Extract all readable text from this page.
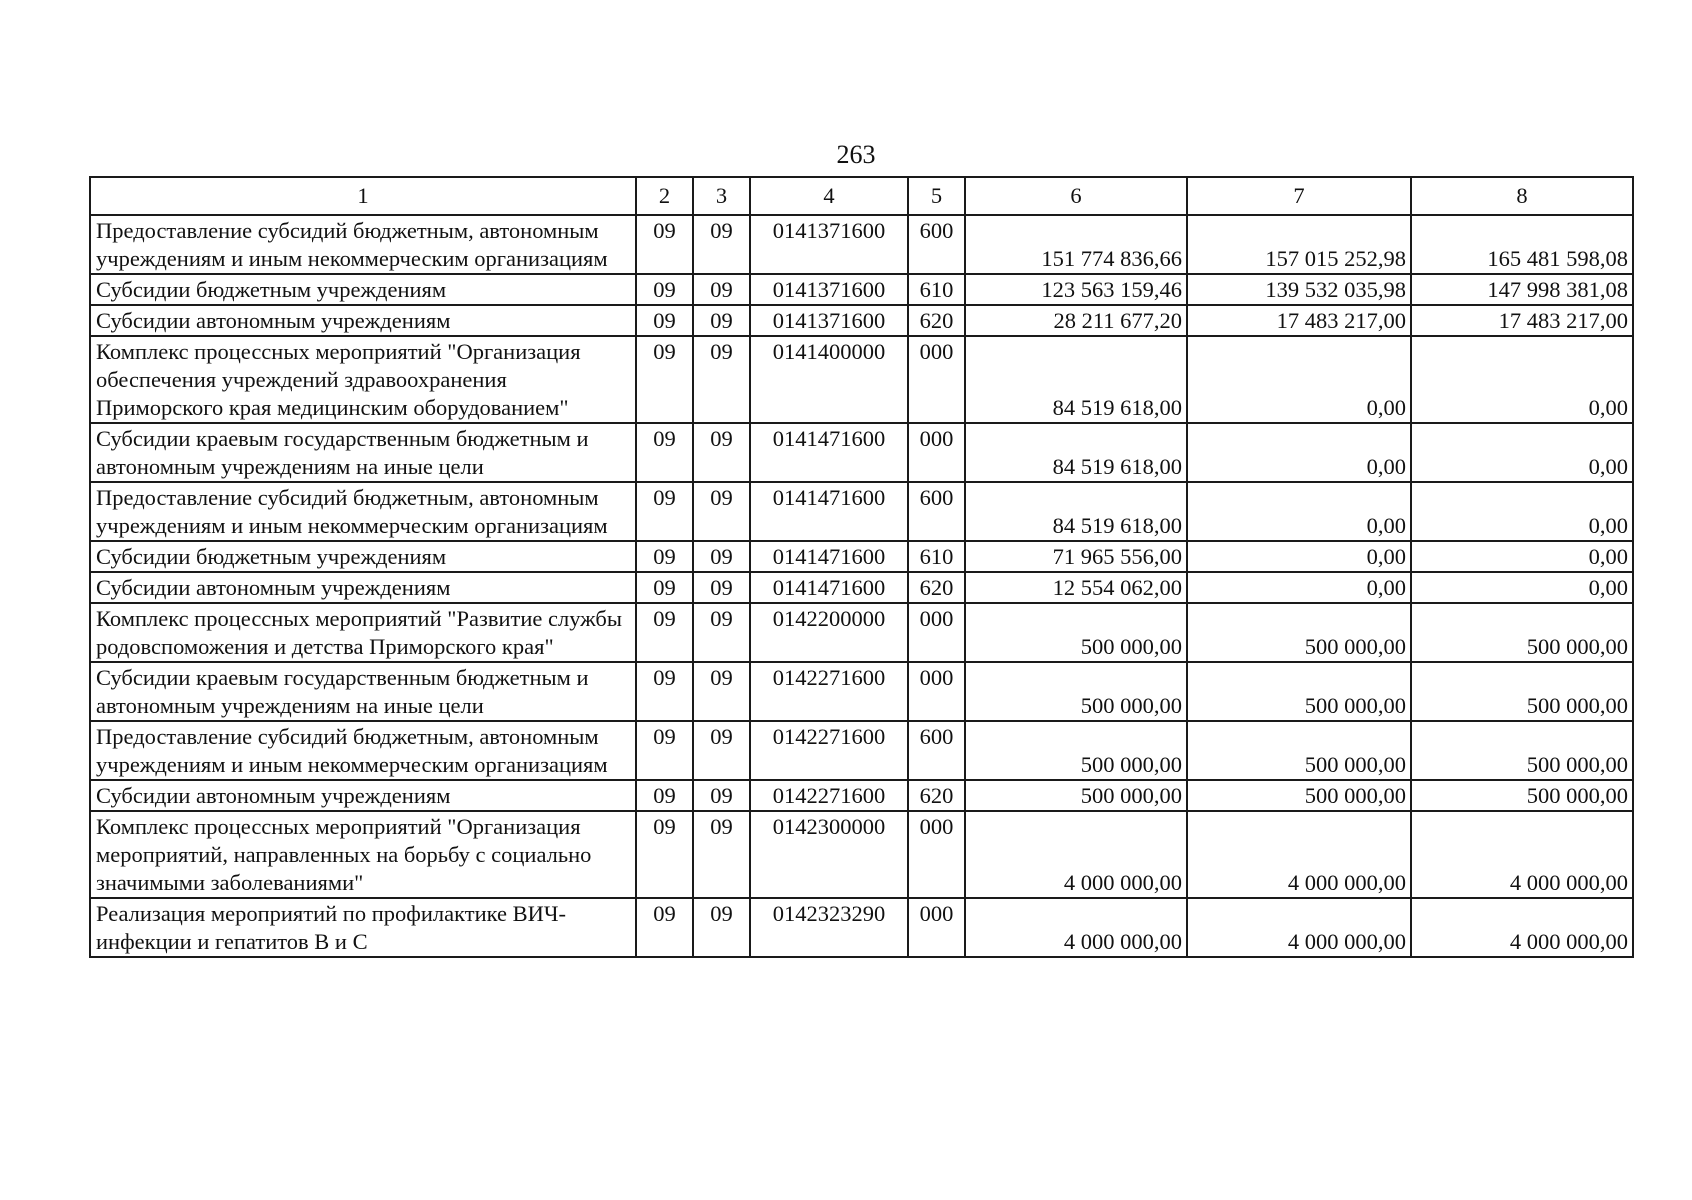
263
1	2	3	4	5	6	7	8
Предоставление субсидий бюджетным, автономным учреждениям и иным некоммерческим организациям	09	09	0141371600	600	151 774 836,66	157 015 252,98	165 481 598,08
Субсидии бюджетным учреждениям	09	09	0141371600	610	123 563 159,46	139 532 035,98	147 998 381,08
Субсидии автономным учреждениям	09	09	0141371600	620	28 211 677,20	17 483 217,00	17 483 217,00
Комплекс процессных мероприятий "Организация обеспечения учреждений здравоохранения Приморского края медицинским оборудованием"	09	09	0141400000	000	84 519 618,00	0,00	0,00
Субсидии краевым государственным бюджетным и автономным учреждениям на иные цели	09	09	0141471600	000	84 519 618,00	0,00	0,00
Предоставление субсидий бюджетным, автономным учреждениям и иным некоммерческим организациям	09	09	0141471600	600	84 519 618,00	0,00	0,00
Субсидии бюджетным учреждениям	09	09	0141471600	610	71 965 556,00	0,00	0,00
Субсидии автономным учреждениям	09	09	0141471600	620	12 554 062,00	0,00	0,00
Комплекс процессных мероприятий "Развитие службы родовспоможения и детства Приморского края"	09	09	0142200000	000	500 000,00	500 000,00	500 000,00
Субсидии краевым государственным бюджетным и автономным учреждениям на иные цели	09	09	0142271600	000	500 000,00	500 000,00	500 000,00
Предоставление субсидий бюджетным, автономным учреждениям и иным некоммерческим организациям	09	09	0142271600	600	500 000,00	500 000,00	500 000,00
Субсидии автономным учреждениям	09	09	0142271600	620	500 000,00	500 000,00	500 000,00
Комплекс процессных мероприятий "Организация мероприятий, направленных на борьбу с социально значимыми заболеваниями"	09	09	0142300000	000	4 000 000,00	4 000 000,00	4 000 000,00
Реализация мероприятий по профилактике ВИЧ-инфекции и гепатитов В и С	09	09	0142323290	000	4 000 000,00	4 000 000,00	4 000 000,00
